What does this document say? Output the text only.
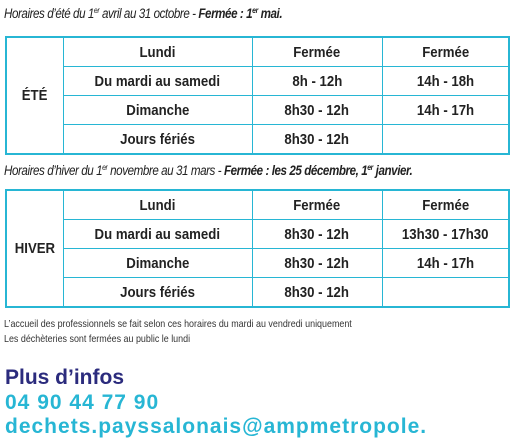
Horaires d’été du 1er avril au 31 octobre - Fermée : 1er mai.
ÉTÉ	Lundi	Fermée	Fermée
	Du mardi au samedi	8h - 12h	14h - 18h
	Dimanche	8h30 - 12h	14h - 17h
	Jours fériés	8h30 - 12h	
Horaires d’hiver du 1er novembre au 31 mars - Fermée : les 25 décembre, 1er janvier.
HIVER	Lundi	Fermée	Fermée
	Du mardi au samedi	8h30 - 12h	13h30 - 17h30
	Dimanche	8h30 - 12h	14h - 17h
	Jours fériés	8h30 - 12h	
L’accueil des professionnels se fait selon ces horaires du mardi au vendredi uniquement
Les déchèteries sont fermées au public le lundi
Plus d’infos
04 90 44 77 90
dechets.payssalonais@ampmetropole.
